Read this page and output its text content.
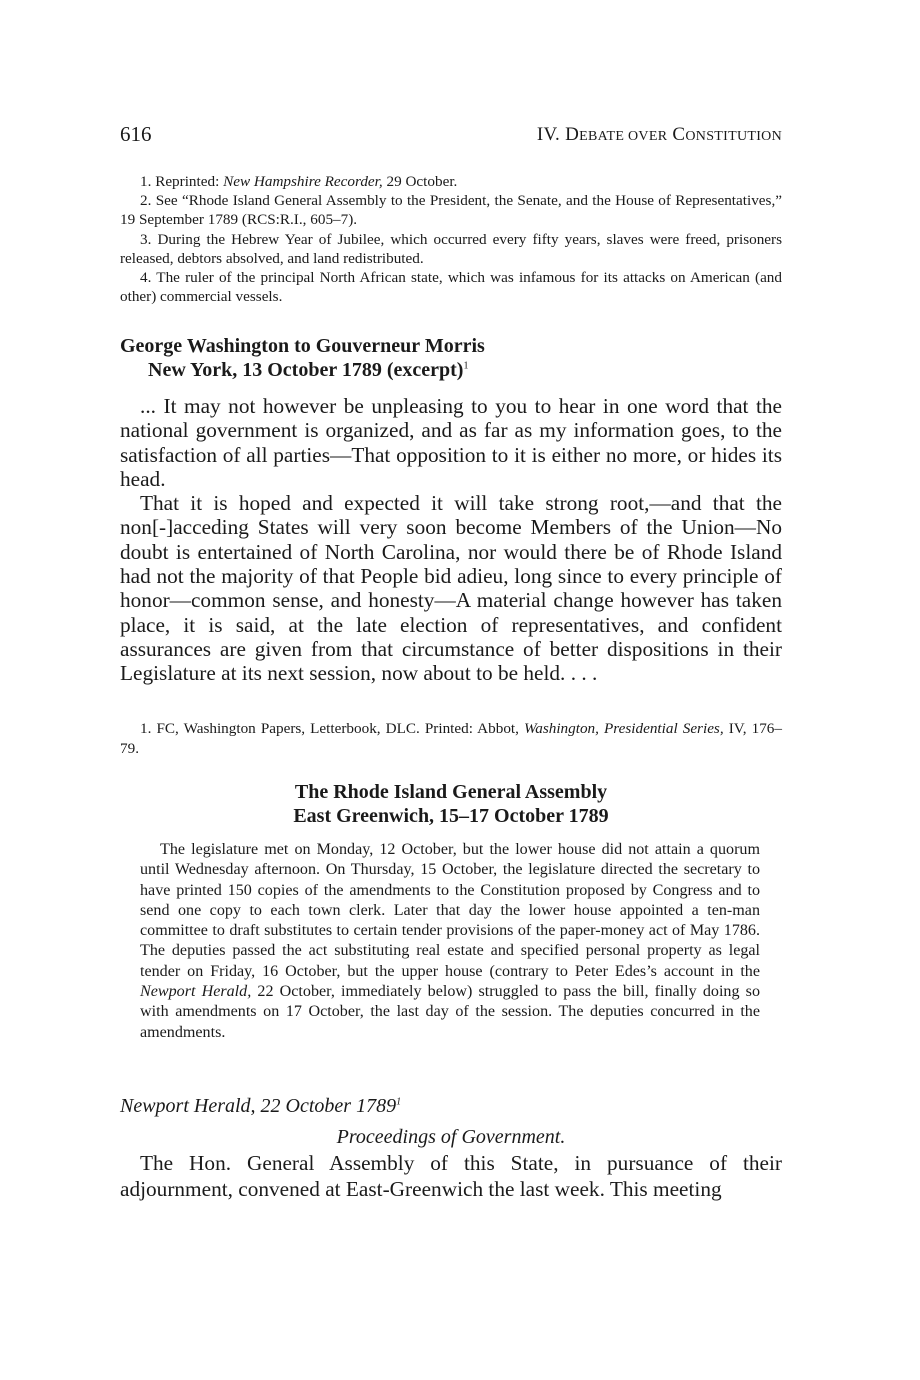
616	IV. DEBATE OVER CONSTITUTION

1. Reprinted: New Hampshire Recorder, 29 October.

2. See “Rhode Island General Assembly to the President, the Senate, and the House of Representatives,” 19 September 1789 (RCS:R.I., 605–7).

3. During the Hebrew Year of Jubilee, which occurred every fifty years, slaves were freed, prisoners released, debtors absolved, and land redistributed.

4. The ruler of the principal North African state, which was infamous for its attacks on American (and other) commercial vessels.

George Washington to Gouverneur Morris
New York, 13 October 1789 (excerpt)$^1$

... It may not however be unpleasing to you to hear in one word that the national government is organized, and as far as my information goes, to the satisfaction of all parties—That opposition to it is either no more, or hides its head.

That it is hoped and expected it will take strong root,—and that the non[-]acceding States will very soon become Members of the Union—No doubt is entertained of North Carolina, nor would there be of Rhode Island had not the majority of that People bid adieu, long since to every principle of honor—common sense, and honesty—A material change however has taken place, it is said, at the late election of representatives, and confident assurances are given from that circumstance of better dispositions in their Legislature at its next session, now about to be held. . . .

1. FC, Washington Papers, Letterbook, DLC. Printed: Abbot, Washington, Presidential Series, IV, 176–79.

The Rhode Island General Assembly
East Greenwich, 15–17 October 1789

The legislature met on Monday, 12 October, but the lower house did not attain a quorum until Wednesday afternoon. On Thursday, 15 October, the legislature directed the secretary to have printed 150 copies of the amendments to the Constitution proposed by Congress and to send one copy to each town clerk. Later that day the lower house appointed a ten-man committee to draft substitutes to certain tender provisions of the paper-money act of May 1786. The deputies passed the act substituting real estate and specified personal property as legal tender on Friday, 16 October, but the upper house (contrary to Peter Edes’s account in the Newport Herald, 22 October, immediately below) struggled to pass the bill, finally doing so with amendments on 17 October, the last day of the session. The deputies concurred in the amendments.

Newport Herald, 22 October 1789$^1$
Proceedings of Government.

The Hon. General Assembly of this State, in pursuance of their adjournment, convened at East-Greenwich the last week. This meeting
